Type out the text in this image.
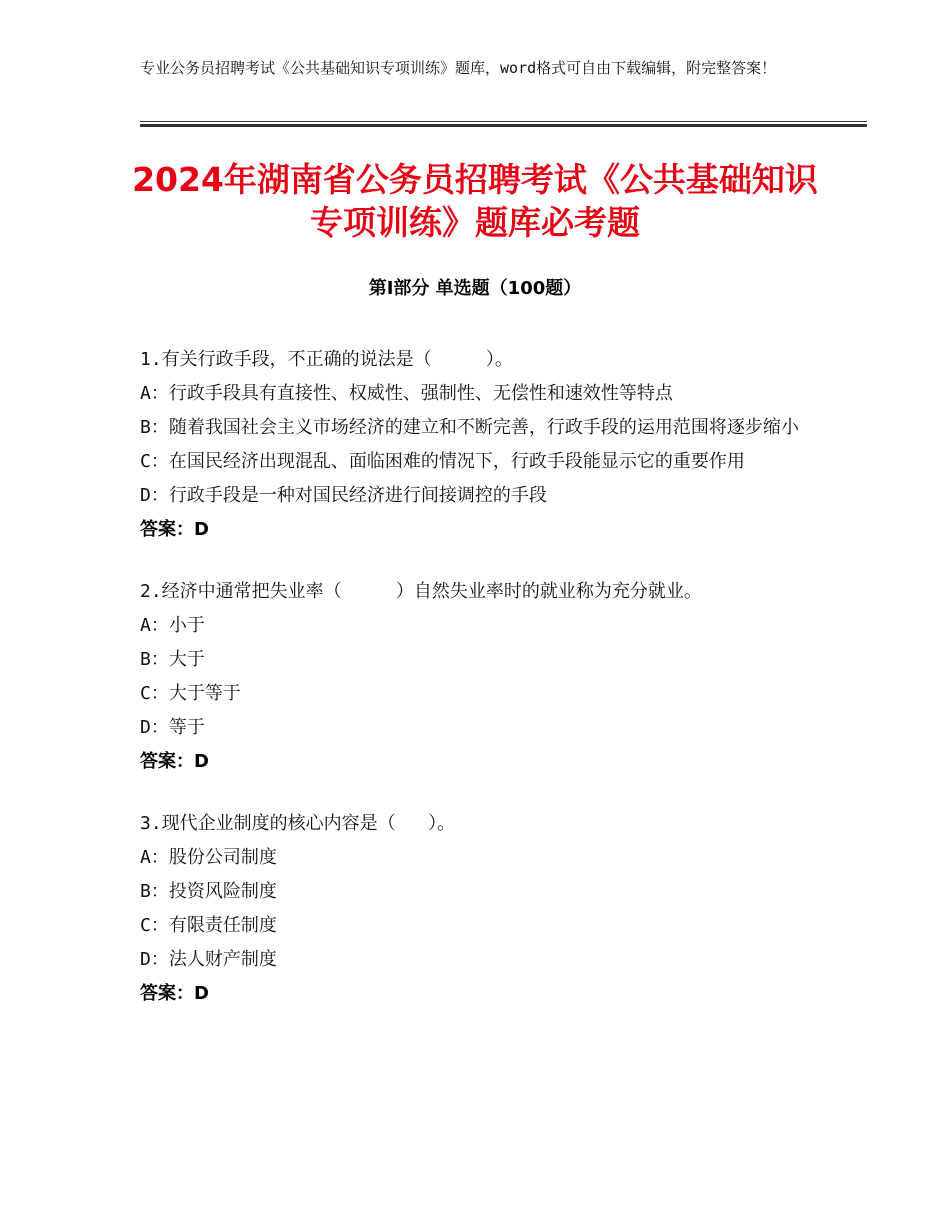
专业公务员招聘考试《公共基础知识专项训练》题库，word格式可自由下载编辑，附完整答案！
2024年湖南省公务员招聘考试《公共基础知识专项训练》题库必考题
第I部分 单选题（100题）
1.有关行政手段，不正确的说法是（     ）。
A：行政手段具有直接性、权威性、强制性、无偿性和速效性等特点
B：随着我国社会主义市场经济的建立和不断完善，行政手段的运用范围将逐步缩小
C：在国民经济出现混乱、面临困难的情况下，行政手段能显示它的重要作用
D：行政手段是一种对国民经济进行间接调控的手段
答案：D
2.经济中通常把失业率（     ）自然失业率时的就业称为充分就业。
A：小于
B：大于
C：大于等于
D：等于
答案：D
3.现代企业制度的核心内容是（   ）。
A：股份公司制度
B：投资风险制度
C：有限责任制度
D：法人财产制度
答案：D
